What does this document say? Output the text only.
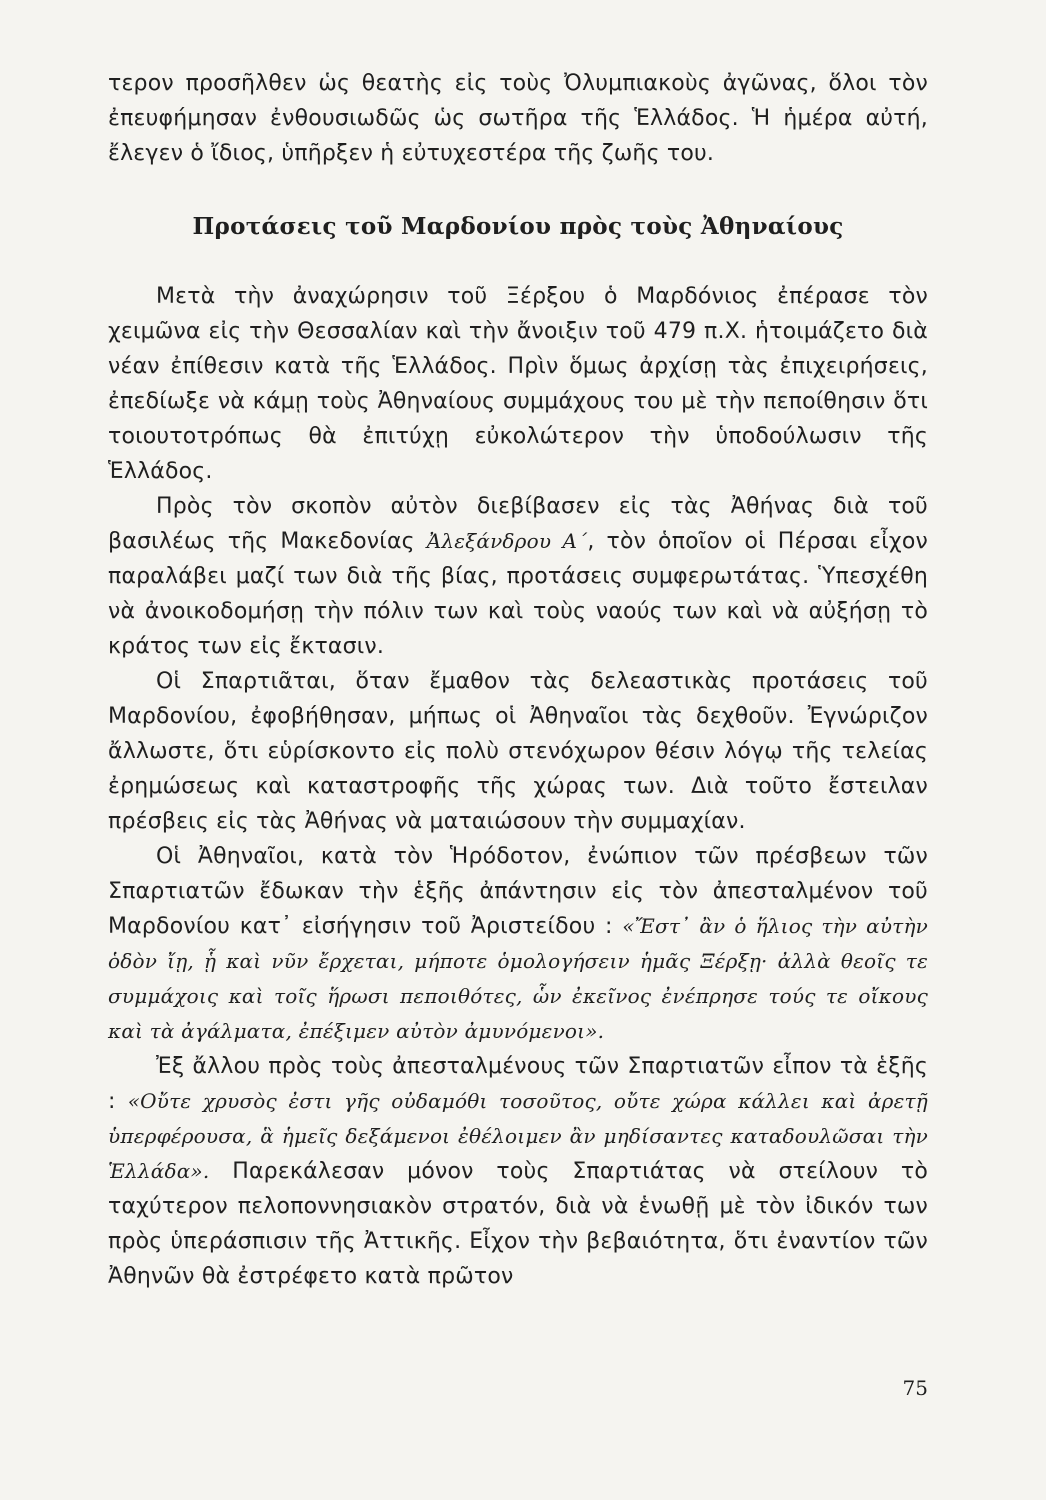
τερον προσῆλθεν ὡς θεατὴς εἰς τοὺς Ὀλυμπιακοὺς ἀγῶνας, ὅλοι τὸν ἐπευφήμησαν ἐνθουσιωδῶς ὡς σωτῆρα τῆς Ἑλλάδος. Ἡ ἡμέρα αὐτή, ἔλεγεν ὁ ἴδιος, ὑπῆρξεν ἡ εὐτυχεστέρα τῆς ζωῆς του.

Προτάσεις τοῦ Μαρδονίου πρὸς τοὺς Ἀθηναίους

Μετὰ τὴν ἀναχώρησιν τοῦ Ξέρξου ὁ Μαρδόνιος ἐπέρασε τὸν χειμῶνα εἰς τὴν Θεσσαλίαν καὶ τὴν ἄνοιξιν τοῦ 479 π.Χ. ἡτοιμάζετο διὰ νέαν ἐπίθεσιν κατὰ τῆς Ἑλλάδος. Πρὶν ὅμως ἀρχίσῃ τὰς ἐπιχειρήσεις, ἐπεδίωξε νὰ κάμῃ τοὺς Ἀθηναίους συμμάχους του μὲ τὴν πεποίθησιν ὅτι τοιουτοτρόπως θὰ ἐπιτύχῃ εὐκολώτερον τὴν ὑποδούλωσιν τῆς Ἑλλάδος.

Πρὸς τὸν σκοπὸν αὐτὸν διεβίβασεν εἰς τὰς Ἀθήνας διὰ τοῦ βασιλέως τῆς Μακεδονίας Ἀλεξάνδρου Α´, τὸν ὁποῖον οἱ Πέρσαι εἶχον παραλάβει μαζί των διὰ τῆς βίας, προτάσεις συμφερωτάτας. Ὑπεσχέθη νὰ ἀνοικοδομήσῃ τὴν πόλιν των καὶ τοὺς ναούς των καὶ νὰ αὐξήσῃ τὸ κράτος των εἰς ἔκτασιν.

Οἱ Σπαρτιᾶται, ὅταν ἔμαθον τὰς δελεαστικὰς προτάσεις τοῦ Μαρδονίου, ἐφοβήθησαν, μήπως οἱ Ἀθηναῖοι τὰς δεχθοῦν. Ἐγνώριζον ἄλλωστε, ὅτι εὑρίσκοντο εἰς πολὺ στενόχωρον θέσιν λόγῳ τῆς τελείας ἐρημώσεως καὶ καταστροφῆς τῆς χώρας των. Διὰ τοῦτο ἔστειλαν πρέσβεις εἰς τὰς Ἀθήνας νὰ ματαιώσουν τὴν συμμαχίαν.

Οἱ Ἀθηναῖοι, κατὰ τὸν Ἡρόδοτον, ἐνώπιον τῶν πρέσβεων τῶν Σπαρτιατῶν ἔδωκαν τὴν ἑξῆς ἀπάντησιν εἰς τὸν ἀπεσταλμένον τοῦ Μαρδονίου κατ᾽ εἰσήγησιν τοῦ Ἀριστείδου : «Ἔστ᾽ ἂν ὁ ἥλιος τὴν αὐτὴν ὁδὸν ἴῃ, ᾗ καὶ νῦν ἔρχεται, μήποτε ὁμολογήσειν ἡμᾶς Ξέρξῃ· ἀλλὰ θεοῖς τε συμμάχοις καὶ τοῖς ἥρωσι πεποιθότες, ὧν ἐκεῖνος ἐνέπρησε τούς τε οἴκους καὶ τὰ ἀγάλματα, ἐπέξιμεν αὐτὸν ἀμυνόμενοι».

Ἐξ ἄλλου πρὸς τοὺς ἀπεσταλμένους τῶν Σπαρτιατῶν εἶπον τὰ ἑξῆς : «Οὔτε χρυσὸς ἐστι γῆς οὐδαμόθι τοσοῦτος, οὔτε χώρα κάλλει καὶ ἀρετῇ ὑπερφέρουσα, ἃ ἡμεῖς δεξάμενοι ἐθέλοιμεν ἂν μηδίσαντες καταδουλῶσαι τὴν Ἑλλάδα». Παρεκάλεσαν μόνον τοὺς Σπαρτιάτας νὰ στείλουν τὸ ταχύτερον πελοποννησιακὸν στρατόν, διὰ νὰ ἑνωθῇ μὲ τὸν ἰδικόν των πρὸς ὑπεράσπισιν τῆς Ἀττικῆς. Εἶχον τὴν βεβαιότητα, ὅτι ἐναντίον τῶν Ἀθηνῶν θὰ ἐστρέφετο κατὰ πρῶτον

75
